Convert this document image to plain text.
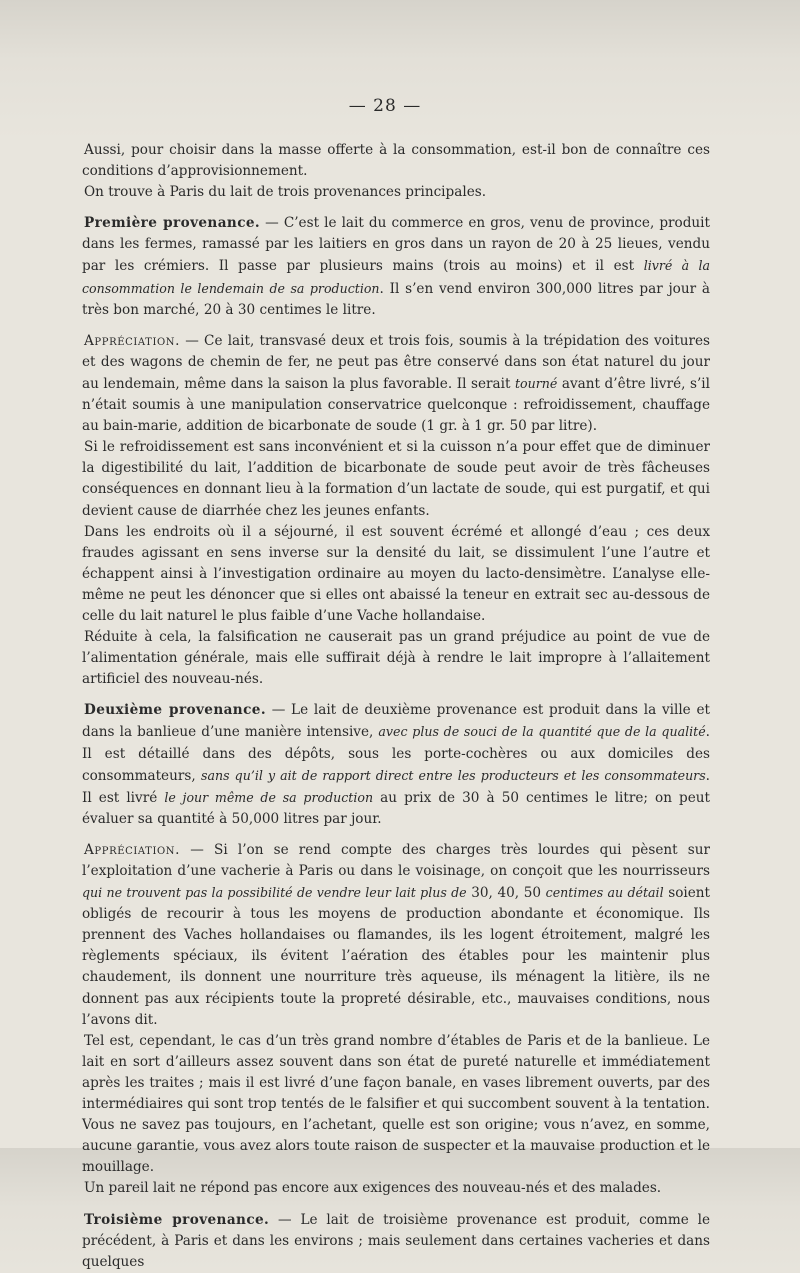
— 28 —

Aussi, pour choisir dans la masse offerte à la consommation, est-il bon de connaître ces conditions d’approvisionnement.

On trouve à Paris du lait de trois provenances principales.

Première provenance. — C’est le lait du commerce en gros, venu de province, produit dans les fermes, ramassé par les laitiers en gros dans un rayon de 20 à 25 lieues, vendu par les crémiers. Il passe par plusieurs mains (trois au moins) et il est livré à la consommation le lendemain de sa production. Il s’en vend environ 300,000 litres par jour à très bon marché, 20 à 30 centimes le litre.

Appréciation. — Ce lait, transvasé deux et trois fois, soumis à la trépidation des voitures et des wagons de chemin de fer, ne peut pas être conservé dans son état naturel du jour au lendemain, même dans la saison la plus favorable. Il serait tourné avant d’être livré, s’il n’était soumis à une manipulation conservatrice quelconque : refroidissement, chauffage au bain-marie, addition de bicarbonate de soude (1 gr. à 1 gr. 50 par litre).

Si le refroidissement est sans inconvénient et si la cuisson n’a pour effet que de diminuer la digestibilité du lait, l’addition de bicarbonate de soude peut avoir de très fâcheuses conséquences en donnant lieu à la formation d’un lactate de soude, qui est purgatif, et qui devient cause de diarrhée chez les jeunes enfants.

Dans les endroits où il a séjourné, il est souvent écrémé et allongé d’eau ; ces deux fraudes agissant en sens inverse sur la densité du lait, se dissimulent l’une l’autre et échappent ainsi à l’investigation ordinaire au moyen du lacto-densimètre. L’analyse elle-même ne peut les dénoncer que si elles ont abaissé la teneur en extrait sec au-dessous de celle du lait naturel le plus faible d’une Vache hollandaise.

Réduite à cela, la falsification ne causerait pas un grand préjudice au point de vue de l’alimentation générale, mais elle suffirait déjà à rendre le lait impropre à l’allaitement artificiel des nouveau-nés.

Deuxième provenance. — Le lait de deuxième provenance est produit dans la ville et dans la banlieue d’une manière intensive, avec plus de souci de la quantité que de la qualité. Il est détaillé dans des dépôts, sous les porte-cochères ou aux domiciles des consommateurs, sans qu’il y ait de rapport direct entre les producteurs et les consommateurs. Il est livré le jour même de sa production au prix de 30 à 50 centimes le litre; on peut évaluer sa quantité à 50,000 litres par jour.

Appréciation. — Si l’on se rend compte des charges très lourdes qui pèsent sur l’exploitation d’une vacherie à Paris ou dans le voisinage, on conçoit que les nourrisseurs qui ne trouvent pas la possibilité de vendre leur lait plus de 30, 40, 50 centimes au détail soient obligés de recourir à tous les moyens de production abondante et économique. Ils prennent des Vaches hollandaises ou flamandes, ils les logent étroitement, malgré les règlements spéciaux, ils évitent l’aération des étables pour les maintenir plus chaudement, ils donnent une nourriture très aqueuse, ils ménagent la litière, ils ne donnent pas aux récipients toute la propreté désirable, etc., mauvaises conditions, nous l’avons dit.

Tel est, cependant, le cas d’un très grand nombre d’étables de Paris et de la banlieue. Le lait en sort d’ailleurs assez souvent dans son état de pureté naturelle et immédiatement après les traites ; mais il est livré d’une façon banale, en vases librement ouverts, par des intermédiaires qui sont trop tentés de le falsifier et qui succombent souvent à la tentation. Vous ne savez pas toujours, en l’achetant, quelle est son origine; vous n’avez, en somme, aucune garantie, vous avez alors toute raison de suspecter et la mauvaise production et le mouillage.

Un pareil lait ne répond pas encore aux exigences des nouveau-nés et des malades.

Troisième provenance. — Le lait de troisième provenance est produit, comme le précédent, à Paris et dans les environs ; mais seulement dans certaines vacheries et dans quelques
